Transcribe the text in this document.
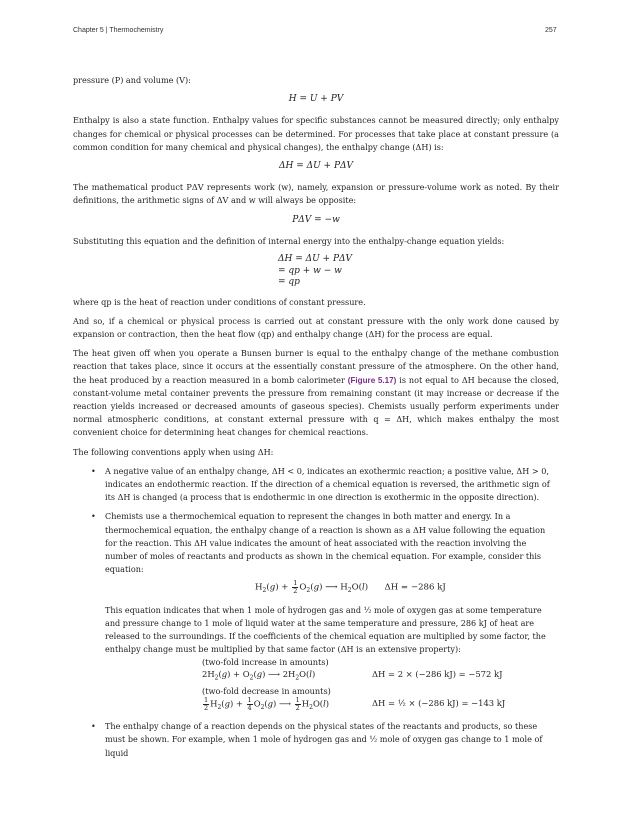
Chapter 5 | Thermochemistry	257

pressure (P) and volume (V):

H = U + PV

Enthalpy is also a state function. Enthalpy values for specific substances cannot be measured directly; only enthalpy changes for chemical or physical processes can be determined. For processes that take place at constant pressure (a common condition for many chemical and physical changes), the enthalpy change (ΔH) is:

ΔH = ΔU + PΔV

The mathematical product PΔV represents work (w), namely, expansion or pressure-volume work as noted. By their definitions, the arithmetic signs of ΔV and w will always be opposite:

PΔV = −w

Substituting this equation and the definition of internal energy into the enthalpy-change equation yields:

ΔH = ΔU + PΔV
= qp + w − w
= qp

where qp is the heat of reaction under conditions of constant pressure.

And so, if a chemical or physical process is carried out at constant pressure with the only work done caused by expansion or contraction, then the heat flow (qp) and enthalpy change (ΔH) for the process are equal.

The heat given off when you operate a Bunsen burner is equal to the enthalpy change of the methane combustion reaction that takes place, since it occurs at the essentially constant pressure of the atmosphere. On the other hand, the heat produced by a reaction measured in a bomb calorimeter (Figure 5.17) is not equal to ΔH because the closed, constant-volume metal container prevents the pressure from remaining constant (it may increase or decrease if the reaction yields increased or decreased amounts of gaseous species). Chemists usually perform experiments under normal atmospheric conditions, at constant external pressure with q = ΔH, which makes enthalpy the most convenient choice for determining heat changes for chemical reactions.

The following conventions apply when using ΔH:

• A negative value of an enthalpy change, ΔH < 0, indicates an exothermic reaction; a positive value, ΔH > 0, indicates an endothermic reaction. If the direction of a chemical equation is reversed, the arithmetic sign of its ΔH is changed (a process that is endothermic in one direction is exothermic in the opposite direction).
• Chemists use a thermochemical equation to represent the changes in both matter and energy. In a thermochemical equation, the enthalpy change of a reaction is shown as a ΔH value following the equation for the reaction. This ΔH value indicates the amount of heat associated with the reaction involving the number of moles of reactants and products as shown in the chemical equation. For example, consider this equation:
$H_2(g) + \frac{1}{2} O_2(g)$ ⟶ $H_2O(l)$      ΔH = −286 kJ
This equation indicates that when 1 mole of hydrogen gas and ½ mole of oxygen gas at some temperature and pressure change to 1 mole of liquid water at the same temperature and pressure, 286 kJ of heat are released to the surroundings. If the coefficients of the chemical equation are multiplied by some factor, the enthalpy change must be multiplied by that same factor (ΔH is an extensive property):
(two-fold increase in amounts)
$2H_2(g) + O_2(g)$ ⟶ $2H_2O(l)$	ΔH = 2 × (−286 kJ) = −572 kJ
(two-fold decrease in amounts)
$\frac{1}{2} H_2(g) + \frac{1}{4} O_2(g)$ ⟶ $\frac{1}{2} H_2O(l)$	ΔH = ½ × (−286 kJ) = −143 kJ
• The enthalpy change of a reaction depends on the physical states of the reactants and products, so these must be shown. For example, when 1 mole of hydrogen gas and ½ mole of oxygen gas change to 1 mole of liquid
